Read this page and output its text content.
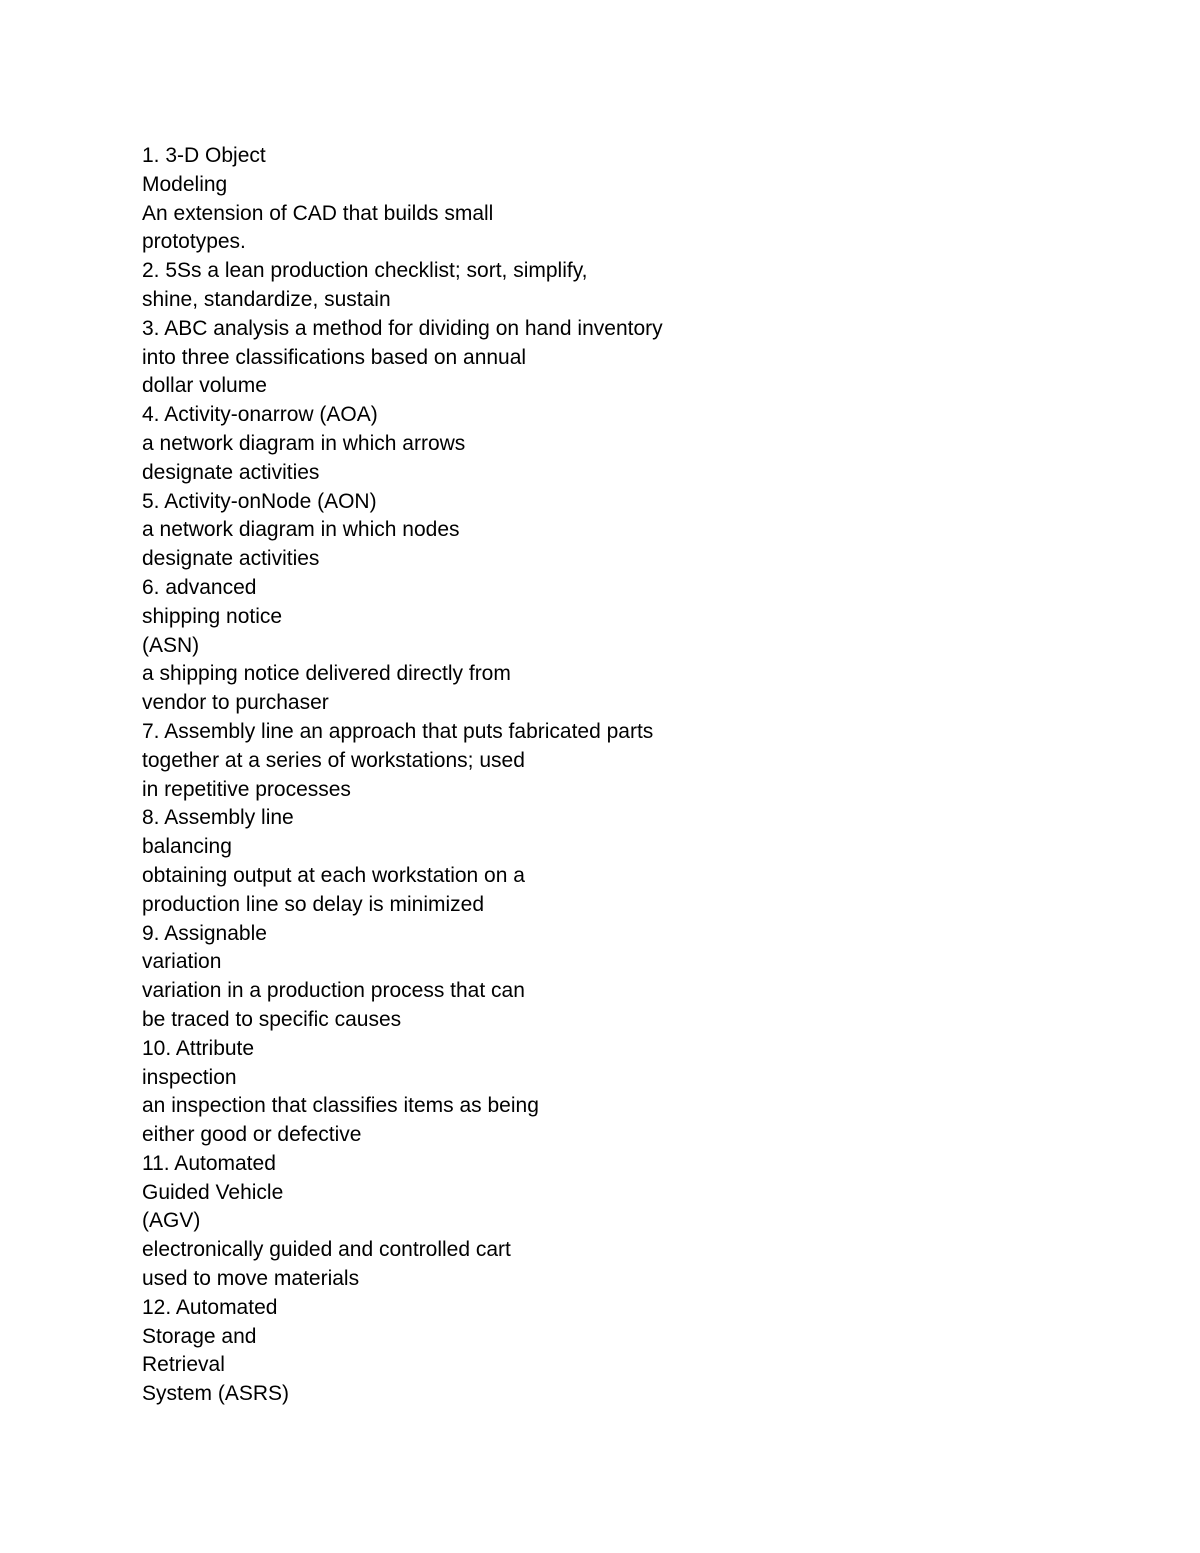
1. 3-D Object
Modeling
An extension of CAD that builds small
prototypes.
2. 5Ss a lean production checklist; sort, simplify,
shine, standardize, sustain
3. ABC analysis a method for dividing on hand inventory
into three classifications based on annual
dollar volume
4. Activity-onarrow (AOA)
a network diagram in which arrows
designate activities
5. Activity-onNode (AON)
a network diagram in which nodes
designate activities
6. advanced
shipping notice
(ASN)
a shipping notice delivered directly from
vendor to purchaser
7. Assembly line an approach that puts fabricated parts
together at a series of workstations; used
in repetitive processes
8. Assembly line
balancing
obtaining output at each workstation on a
production line so delay is minimized
9. Assignable
variation
variation in a production process that can
be traced to specific causes
10. Attribute
inspection
an inspection that classifies items as being
either good or defective
11. Automated
Guided Vehicle
(AGV)
electronically guided and controlled cart
used to move materials
12. Automated
Storage and
Retrieval
System (ASRS)
